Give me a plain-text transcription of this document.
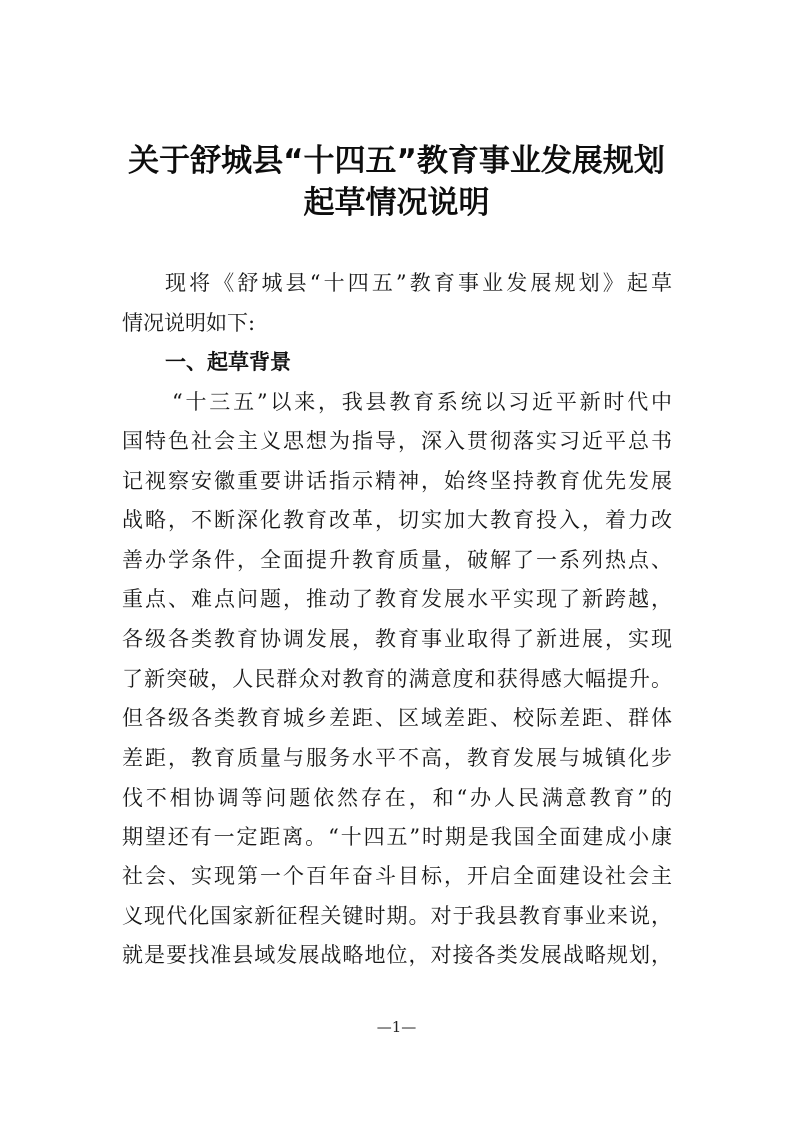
关于舒城县“十四五”教育事业发展规划
起草情况说明
现将《舒城县“十四五”教育事业发展规划》起草
情况说明如下:
一、起草背景
“十三五”以来，我县教育系统以习近平新时代中
国特色社会主义思想为指导，深入贯彻落实习近平总书
记视察安徽重要讲话指示精神，始终坚持教育优先发展
战略，不断深化教育改革，切实加大教育投入，着力改
善办学条件，全面提升教育质量，破解了一系列热点、
重点、难点问题，推动了教育发展水平实现了新跨越，
各级各类教育协调发展，教育事业取得了新进展，实现
了新突破，人民群众对教育的满意度和获得感大幅提升。
但各级各类教育城乡差距、区域差距、校际差距、群体
差距，教育质量与服务水平不高，教育发展与城镇化步
伐不相协调等问题依然存在，和“办人民满意教育”的
期望还有一定距离。“十四五”时期是我国全面建成小康
社会、实现第一个百年奋斗目标，开启全面建设社会主
义现代化国家新征程关键时期。对于我县教育事业来说，
就是要找准县域发展战略地位，对接各类发展战略规划，
—1—
